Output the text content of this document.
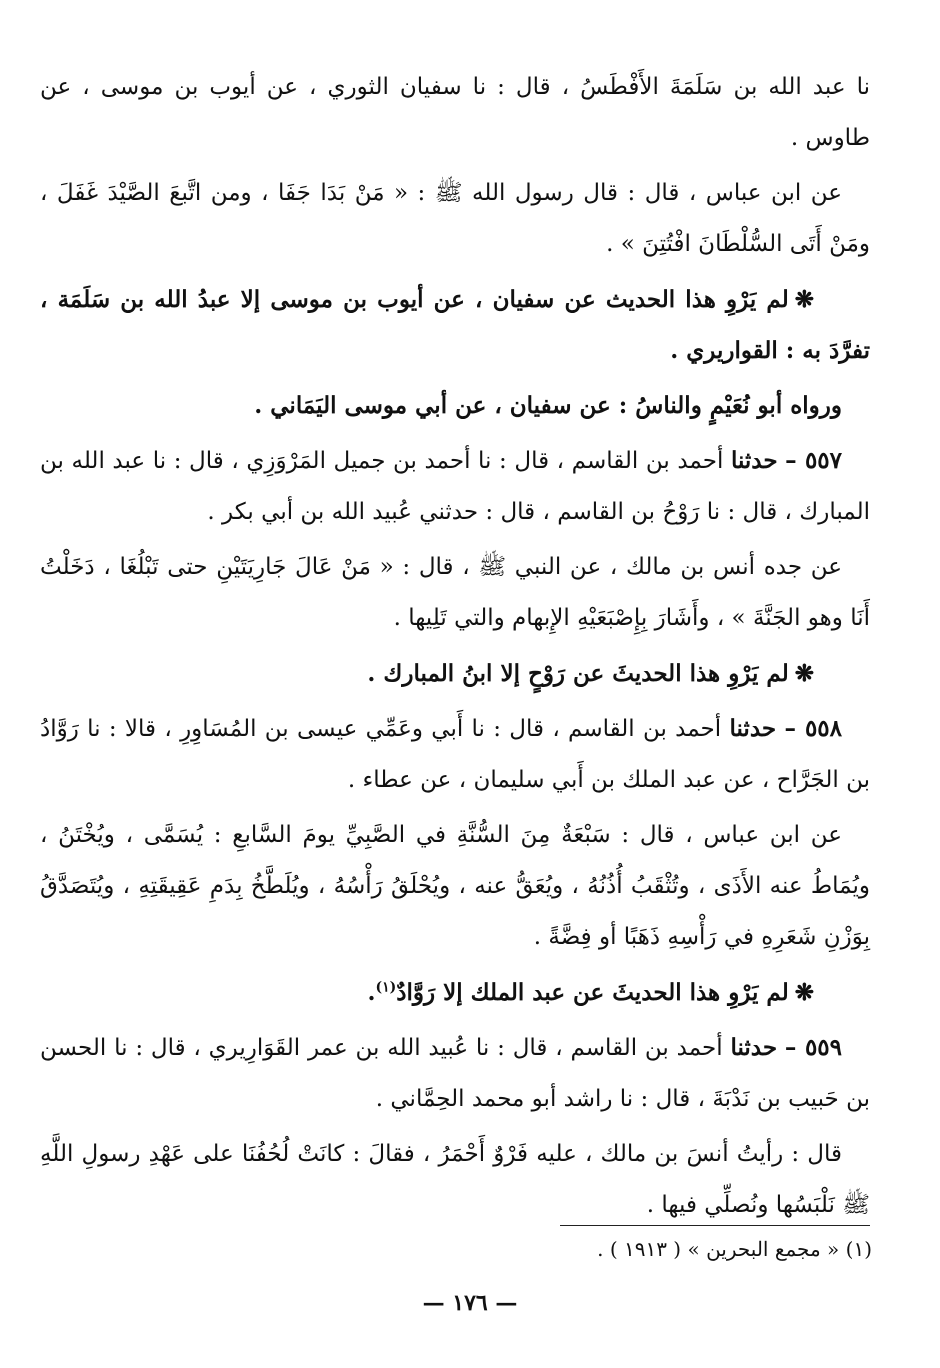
نا عبد الله بن سَلَمَةَ الأَفْطَسُ ، قال : نا سفيان الثوري ، عن أيوب بن موسى ، عن طاوس .

عن ابن عباس ، قال : قال رسول الله ﷺ : « مَنْ بَدَا جَفَا ، ومن اتَّبعَ الصَّيْدَ غَفَلَ ، ومَنْ أَتَى السُّلْطَانَ افْتُتِنَ » .

❋لم يَرْوِ هذا الحديث عن سفيان ، عن أيوب بن موسى إلا عبدُ الله بن سَلَمَة ، تفرَّدَ به : القواريري .

ورواه أبو نُعَيْمٍ والناسُ : عن سفيان ، عن أبي موسى اليَمَاني .

٥٥٧ – حدثنا أحمد بن القاسم ، قال : نا أحمد بن جميل المَرْوَزِي ، قال : نا عبد الله بن المبارك ، قال : نا رَوْحُ بن القاسم ، قال : حدثني عُبيد الله بن أبي بكر .

عن جده أنس بن مالك ، عن النبي ﷺ ، قال : « مَنْ عَالَ جَارِيَتَيْنِ حتى تَبْلُغَا ، دَخَلْتُ أَنَا وهو الجَنَّةَ » ، وأَشَارَ بِإِصْبَعَيْهِ الإِبهام والتي تَلِيها .

❋لم يَرْوِ هذا الحديثَ عن رَوْحٍ إلا ابنُ المبارك .

٥٥٨ – حدثنا أحمد بن القاسم ، قال : نا أَبي وعَمِّي عيسى بن المُسَاوِرِ ، قالا : نا رَوَّادُ بن الجَرَّاح ، عن عبد الملك بن أَبي سليمان ، عن عطاء .

عن ابن عباس ، قال : سَبْعَةٌ مِنَ السُّنَّةِ في الصَّبِيِّ يومَ السَّابعِ : يُسَمَّى ، ويُخْتَنُ ، ويُمَاطُ عنه الأَذَى ، وتُثْقَبُ أُذُنُهُ ، ويُعَقُّ عنه ، ويُحْلَقُ رَأْسُهُ ، ويُلَطَّخُ بِدَمِ عَقِيقَتِهِ ، ويُتَصَدَّقُ بِوَزْنِ شَعَرِهِ في رَأْسِهِ ذَهَبًا أو فِضَّةً .

❋لم يَرْوِ هذا الحديثَ عن عبد الملك إلا رَوَّادٌ$^{(١)}$.

٥٥٩ – حدثنا أحمد بن القاسم ، قال : نا عُبيد الله بن عمر القَوَارِيري ، قال : نا الحسن بن حَبيب بن نَدْبَةَ ، قال : نا راشد أبو محمد الحِمَّاني .

قال : رأيتُ أنسَ بن مالك ، عليه فَرْوٌ أَحْمَرُ ، فقالَ : كانَتْ لُحُفُنَا على عَهْدِ رسولِ اللَّهِ ﷺ نَلْبَسُها ونُصلِّي فيها .

(١) « مجمع البحرين » ( ١٩١٣ ) .
— ١٧٦ —
